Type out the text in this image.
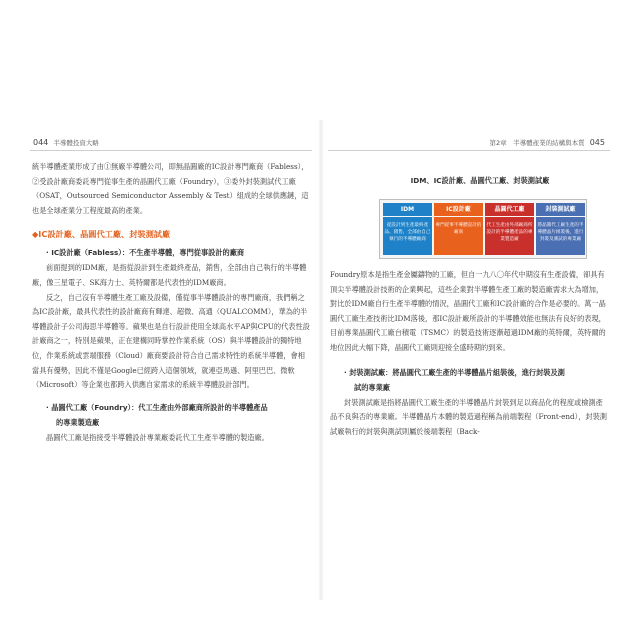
044 半導體投資大略	第2章　半導體產業的結構與本質 045

統半導體產業形成了由①無廠半導體公司，即無晶圓廠的IC設計專門廠商（Fabless），②受設計廠商委託專門從事生產的晶圓代工廠（Foundry），③委外封裝測試代工廠（OSAT，Outsourced Semiconductor Assembly & Test）組成的全球供應鏈，這也是全球產業分工程度最高的產業。

◆IC設計廠、晶圓代工廠、封裝測試廠
· IC設計廠（Fabless）：不生產半導體，專門從事設計的廠商

前面提到的IDM廠，是指從設計到生產最終產品，銷售，全部由自己執行的半導體廠，像三星電子、SK海力士、英特爾都是代表性的IDM廠商。

反之，自己沒有半導體生產工廠及設備，僅從事半導體設計的專門廠商，我們稱之為IC設計廠，最具代表性的設計廠商有輝達、超微、高通（QUALCOMM），華為的半導體設計子公司海思半導體等。蘋果也是自行設計使用全球高水平AP與CPU的代表性設計廠商之一，特別是蘋果，正在建構同時掌控作業系統（OS）與半導體設計的獨特地位，作業系統或雲端服務（Cloud）廠商要設計符合自己需求特性的系統半導體，會相當具有優勢，因此不僅是Google已經跨入這個領域，就連亞馬遜、阿里巴巴、微軟（Microsoft）等企業也都跨入供應自家需求的系統半導體設計部門。

· 晶圓代工廠（Foundry）：代工生產由外部廠商所設計的半導體產品
的專業製造廠

晶圓代工廠是指接受半導體設計專業廠委託代工生產半導體的製造廠。

IDM、IC設計廠、晶圓代工廠、封裝測試廠
IDM
從設計到生產最終產品、銷售，全部由自己執行的半導體廠商
IC設計廠
專門從事半導體設計的廠商
晶圓代工廠
代工生產由外部廠商所設計的半導體產品的專業製造廠
封裝測試廠
將晶圓代工廠生產的半導體晶片組裝後，進行封裝及測試的專業廠

Foundry原本是指生產金屬鑄物的工廠，但自一九八〇年代中期沒有生產設備，卻具有頂尖半導體設計技術的企業興起，這些企業對半導體生產工廠的製造廠需求大為增加，對比於IDM廠自行生產半導體的情況，晶圓代工廠和IC設計廠的合作是必要的。萬一晶圓代工廠生產技術比IDM落後，那IC設計廠所設計的半導體效能也無法有良好的表現，目前專業晶圓代工廠台積電（TSMC）的製造技術逐漸超過IDM廠的英特爾，英特爾的地位因此大幅下降，晶圓代工廠則迎接全盛時期的到來。

· 封裝測試廠：將晶圓代工廠生產的半導體晶片組裝後，進行封裝及測
試的專業廠

封裝測試廠是指將晶圓代工廠生產的半導體晶片封裝到足以商品化的程度或檢測產品不良與否的專業廠。半導體晶片本體的製造過程稱為前端製程（Front-end），封裝測試廠執行的封裝與測試則屬於後端製程（Back-
